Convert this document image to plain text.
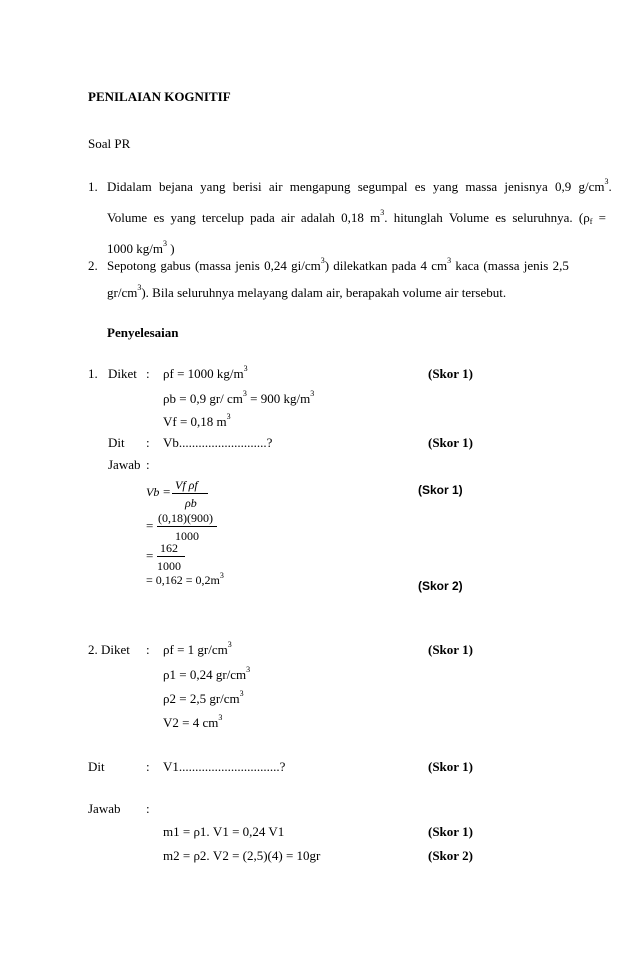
PENILAIAN KOGNITIF
Soal PR
1. Didalam bejana yang berisi air mengapung segumpal es yang massa jenisnya 0,9 $g/cm^3$.
Volume es yang tercelup pada air adalah 0,18 $m^3$. hitunglah Volume es seluruhnya. (ρf =
1000 $kg/m^3$ )
2. Sepotong gabus (massa jenis 0,24 $gi/cm^3$) dilekatkan pada 4 $cm^3$ kaca (massa jenis 2,5
$gr/cm^3$). Bila seluruhnya melayang dalam air, berapakah volume air tersebut.
Penyelesaian
1. Diket : ρf = 1000 $kg/m^3$	(Skor 1)
ρb = 0,9 gr/ $cm^3 = 900$ $kg/m^3$
Vf = 0,18 $m^3$
Dit : Vb...........................?	(Skor 1)
Jawab :
Vb = Vf ρf
ρb
(Skor 1)
= (0,18)(900)
1000
= 162
1000
= $0,162 = 0,2m^3$
(Skor 2)
2. Diket : ρf = 1 $gr/cm^3$	(Skor 1)
ρ1 = 0,24 $gr/cm^3$
ρ2 = 2,5 $gr/cm^3$
V2 = 4 $cm^3$
Dit	: V1...............................?	(Skor 1)
Jawab :
m1 = ρ1. V1 = 0,24 V1	(Skor 1)
m2 = ρ2. V2 = (2,5)(4) = 10gr	(Skor 2)
